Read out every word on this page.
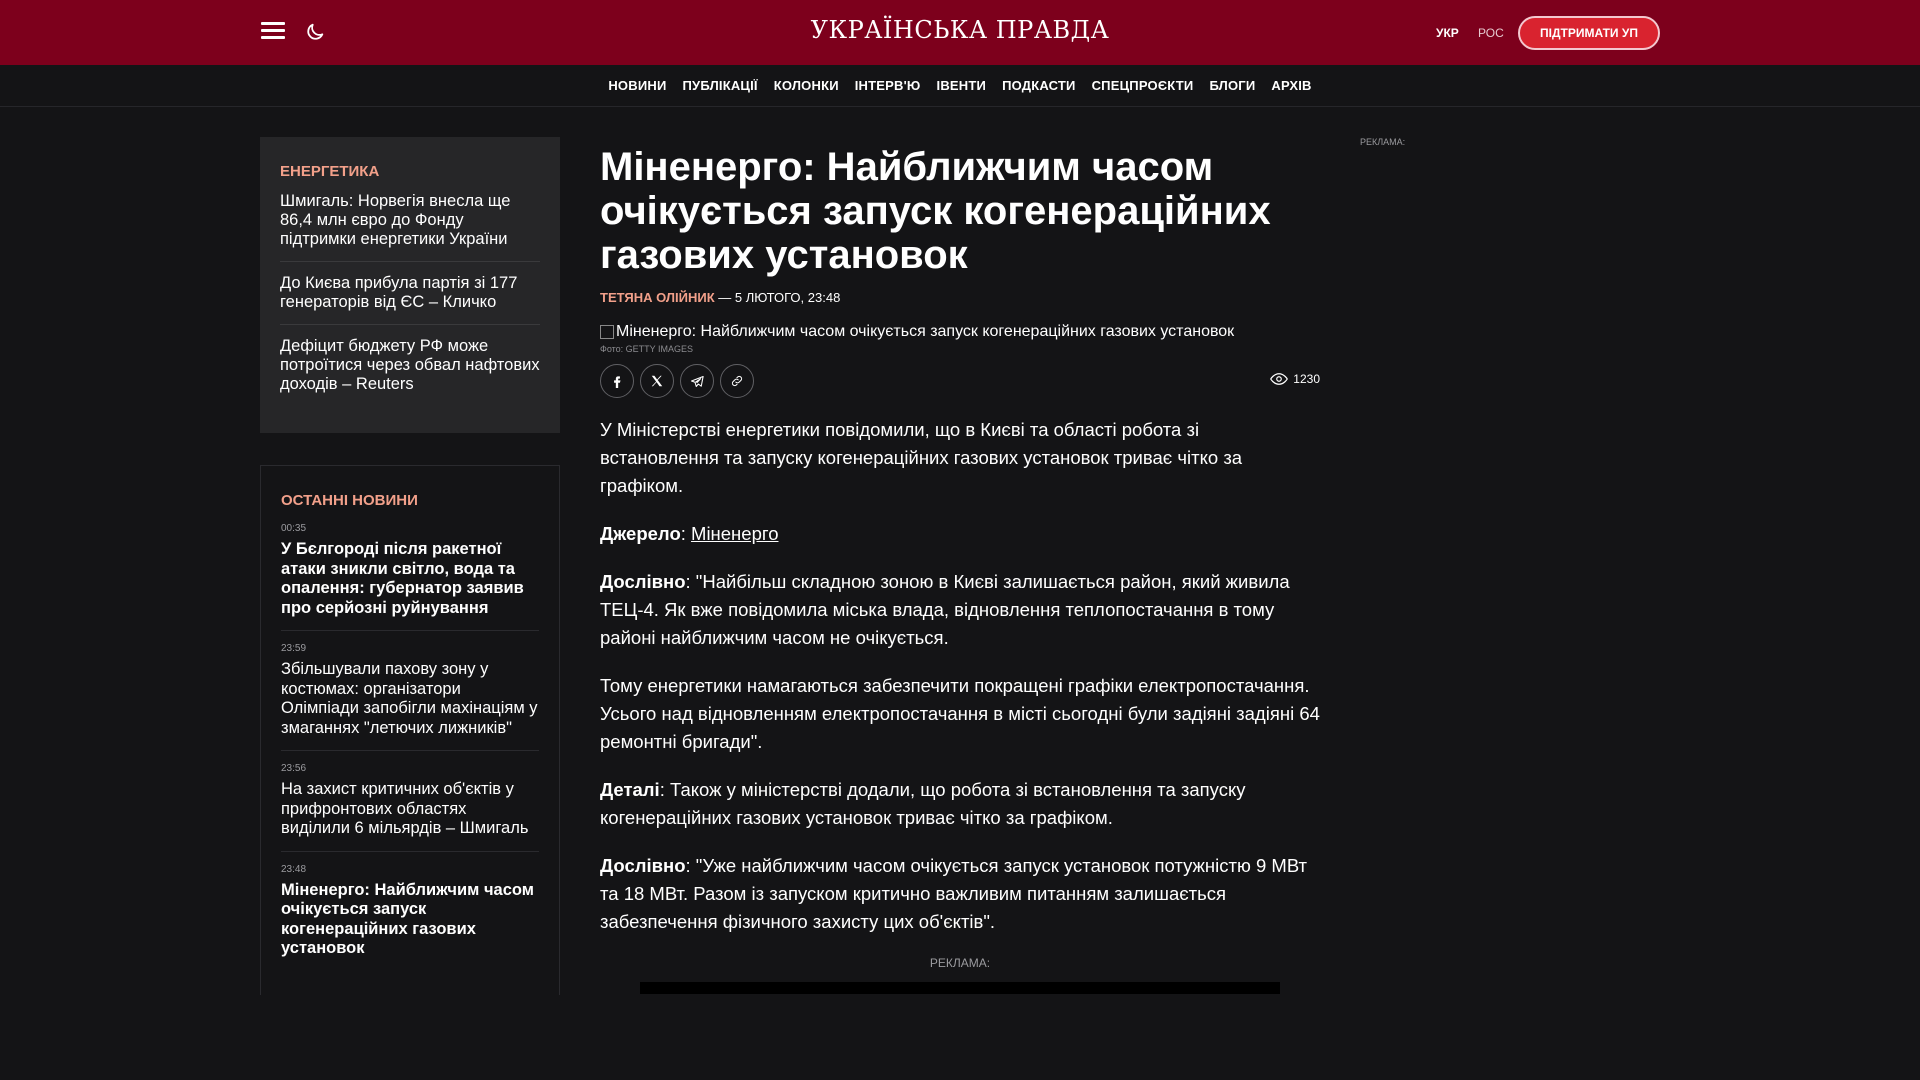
УКРАЇНСЬКА ПРАВДА	УКР РОС	ПІДТРИМАТИ УП
НОВИНИ ПУБЛІКАЦІЇ КОЛОНКИ ІНТЕРВ'Ю ІВЕНТИ ПОДКАСТИ СПЕЦПРОЄКТИ БЛОГИ АРХІВ
ЕНЕРГЕТИКА
Шмигаль: Норвегія внесла ще 86,4 млн євро до Фонду підтримки енергетики України
До Києва прибула партія зі 177 генераторів від ЄС – Кличко
Дефіцит бюджету РФ може потроїтися через обвал нафтових доходів – Reuters
ОСТАННІ НОВИНИ
00:35
У Бєлгороді після ракетної атаки зникли світло, вода та опалення: губернатор заявив про серйозні руйнування
23:59
Збільшували пахову зону у костюмах: організатори Олімпіади запобігли махінаціям у змаганнях "летючих лижників"
23:56
На захист критичних об'єктів у прифронтових областях виділили 6 мільярдів – Шмигаль
23:48
Міненерго: Найближчим часом очікується запуск когенераційних газових установок
Міненерго: Найближчим часом очікується запуск когенераційних газових установок
ТЕТЯНА ОЛІЙНИК — 5 ЛЮТОГО, 23:48
Міненерго: Найближчим часом очікується запуск когенераційних газових установок
Фото: GETTY IMAGES
1230

У Міністерстві енергетики повідомили, що в Києві та області робота зі встановлення та запуску когенераційних газових установок триває чітко за графіком.

Джерело: Міненерго

Дослівно: "Найбільш складною зоною в Києві залишається район, який живила ТЕЦ-4. Як вже повідомила міська влада, відновлення теплопостачання в тому районі найближчим часом не очікується.

Тому енергетики намагаються забезпечити покращені графіки електропостачання. Усього над відновленням електропостачання в місті сьогодні були задіяні задіяні 64 ремонтні бригади".

Деталі: Також у міністерстві додали, що робота зі встановлення та запуску когенераційних газових установок триває чітко за графіком.

Дослівно: "Уже найближчим часом очікується запуск установок потужністю 9 МВт та 18 МВт. Разом із запуском критично важливим питанням залишається забезпечення фізичного захисту цих об'єктів".

РЕКЛАМА:
РЕКЛАМА:
